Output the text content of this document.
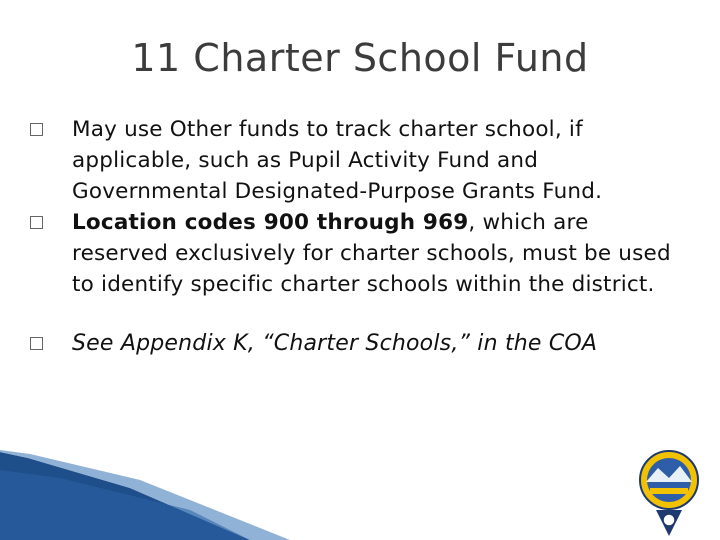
11 Charter School Fund
May use Other funds to track charter school, if applicable, such as Pupil Activity Fund and Governmental Designated-Purpose Grants Fund.
Location codes 900 through 969, which are reserved exclusively for charter schools, must be used to identify specific charter schools within the district.
See Appendix K, “Charter Schools,” in the COA
